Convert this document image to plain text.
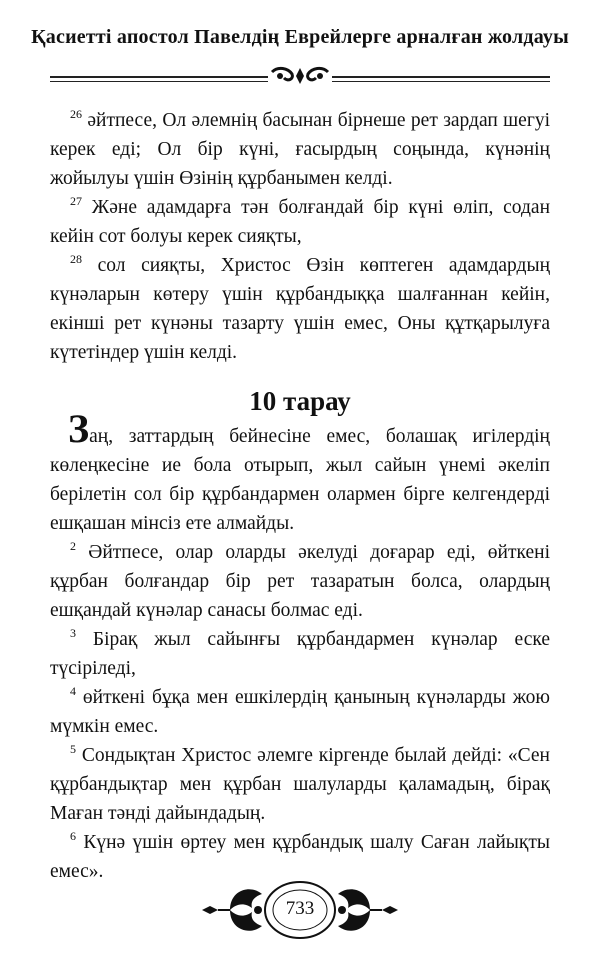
Қасиетті апостол Павелдің Еврейлерге арналған жолдауы

$^{26}$ әйтпесе, Ол әлемнің басынан бірнеше рет зардап шегуі керек еді; Ол бір күні, ғасырдың соңында, күнәнің жойылуы үшін Өзінің құрбанымен келді.

$^{27}$ Және адамдарға тән болғандай бір күні өліп, содан кейін сот болуы керек сияқты,

$^{28}$ сол сияқты, Христос Өзін көптеген адамдардың күнәларын көтеру үшін құрбандыққа шалғаннан кейін, екінші рет күнәны тазарту үшін емес, Оны құтқарылуға күтетіндер үшін келді.

10 тарау

Заң, заттардың бейнесіне емес, болашақ игілердің көлеңкесіне ие бола отырып, жыл сайын үнемі әкеліп берілетін сол бір құрбандармен олармен бірге келгендерді ешқашан мінсіз ете алмайды.

$^2$ Әйтпесе, олар оларды әкелуді доғарар еді, өйткені құрбан болғандар бір рет тазаратын болса, олардың ешқандай күнәлар санасы болмас еді.

$^3$ Бірақ жыл сайынғы құрбандармен күнәлар еске түсіріледі,

$^4$ өйткені бұқа мен ешкілердің қанының күнәларды жою мүмкін емес.

$^5$ Сондықтан Христос әлемге кіргенде былай дейді: «Сен құрбандықтар мен құрбан шалуларды қаламадың, бірақ Маған тәнді дайындадың.

$^6$ Күнә үшін өртеу мен құрбандық шалу Саған лайықты емес».

733
